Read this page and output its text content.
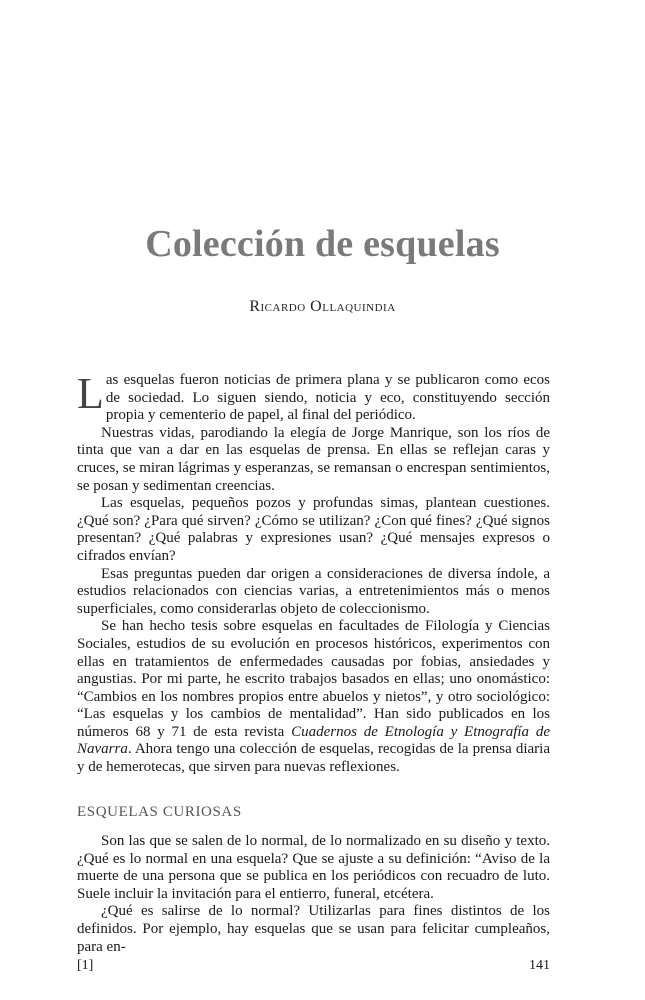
Colección de esquelas
Ricardo Ollaquindia

Las esquelas fueron noticias de primera plana y se publicaron como ecos de sociedad. Lo siguen siendo, noticia y eco, constituyendo sección propia y cementerio de papel, al final del periódico.

Nuestras vidas, parodiando la elegía de Jorge Manrique, son los ríos de tinta que van a dar en las esquelas de prensa. En ellas se reflejan caras y cruces, se miran lágrimas y esperanzas, se remansan o encrespan sentimientos, se posan y sedimentan creencias.

Las esquelas, pequeños pozos y profundas simas, plantean cuestiones. ¿Qué son? ¿Para qué sirven? ¿Cómo se utilizan? ¿Con qué fines? ¿Qué signos presentan? ¿Qué palabras y expresiones usan? ¿Qué mensajes expresos o cifrados envían?

Esas preguntas pueden dar origen a consideraciones de diversa índole, a estudios relacionados con ciencias varias, a entretenimientos más o menos superficiales, como considerarlas objeto de coleccionismo.

Se han hecho tesis sobre esquelas en facultades de Filología y Ciencias Sociales, estudios de su evolución en procesos históricos, experimentos con ellas en tratamientos de enfermedades causadas por fobias, ansiedades y angustias. Por mi parte, he escrito trabajos basados en ellas; uno onomástico: “Cambios en los nombres propios entre abuelos y nietos”, y otro sociológico: “Las esquelas y los cambios de mentalidad”. Han sido publicados en los números 68 y 71 de esta revista Cuadernos de Etnología y Etnografía de Navarra. Ahora tengo una colección de esquelas, recogidas de la prensa diaria y de hemerotecas, que sirven para nuevas reflexiones.

ESQUELAS CURIOSAS

Son las que se salen de lo normal, de lo normalizado en su diseño y texto. ¿Qué es lo normal en una esquela? Que se ajuste a su definición: “Aviso de la muerte de una persona que se publica en los periódicos con recuadro de luto. Suele incluir la invitación para el entierro, funeral, etcétera.

¿Qué es salirse de lo normal? Utilizarlas para fines distintos de los definidos. Por ejemplo, hay esquelas que se usan para felicitar cumpleaños, para en-

[1]	141
